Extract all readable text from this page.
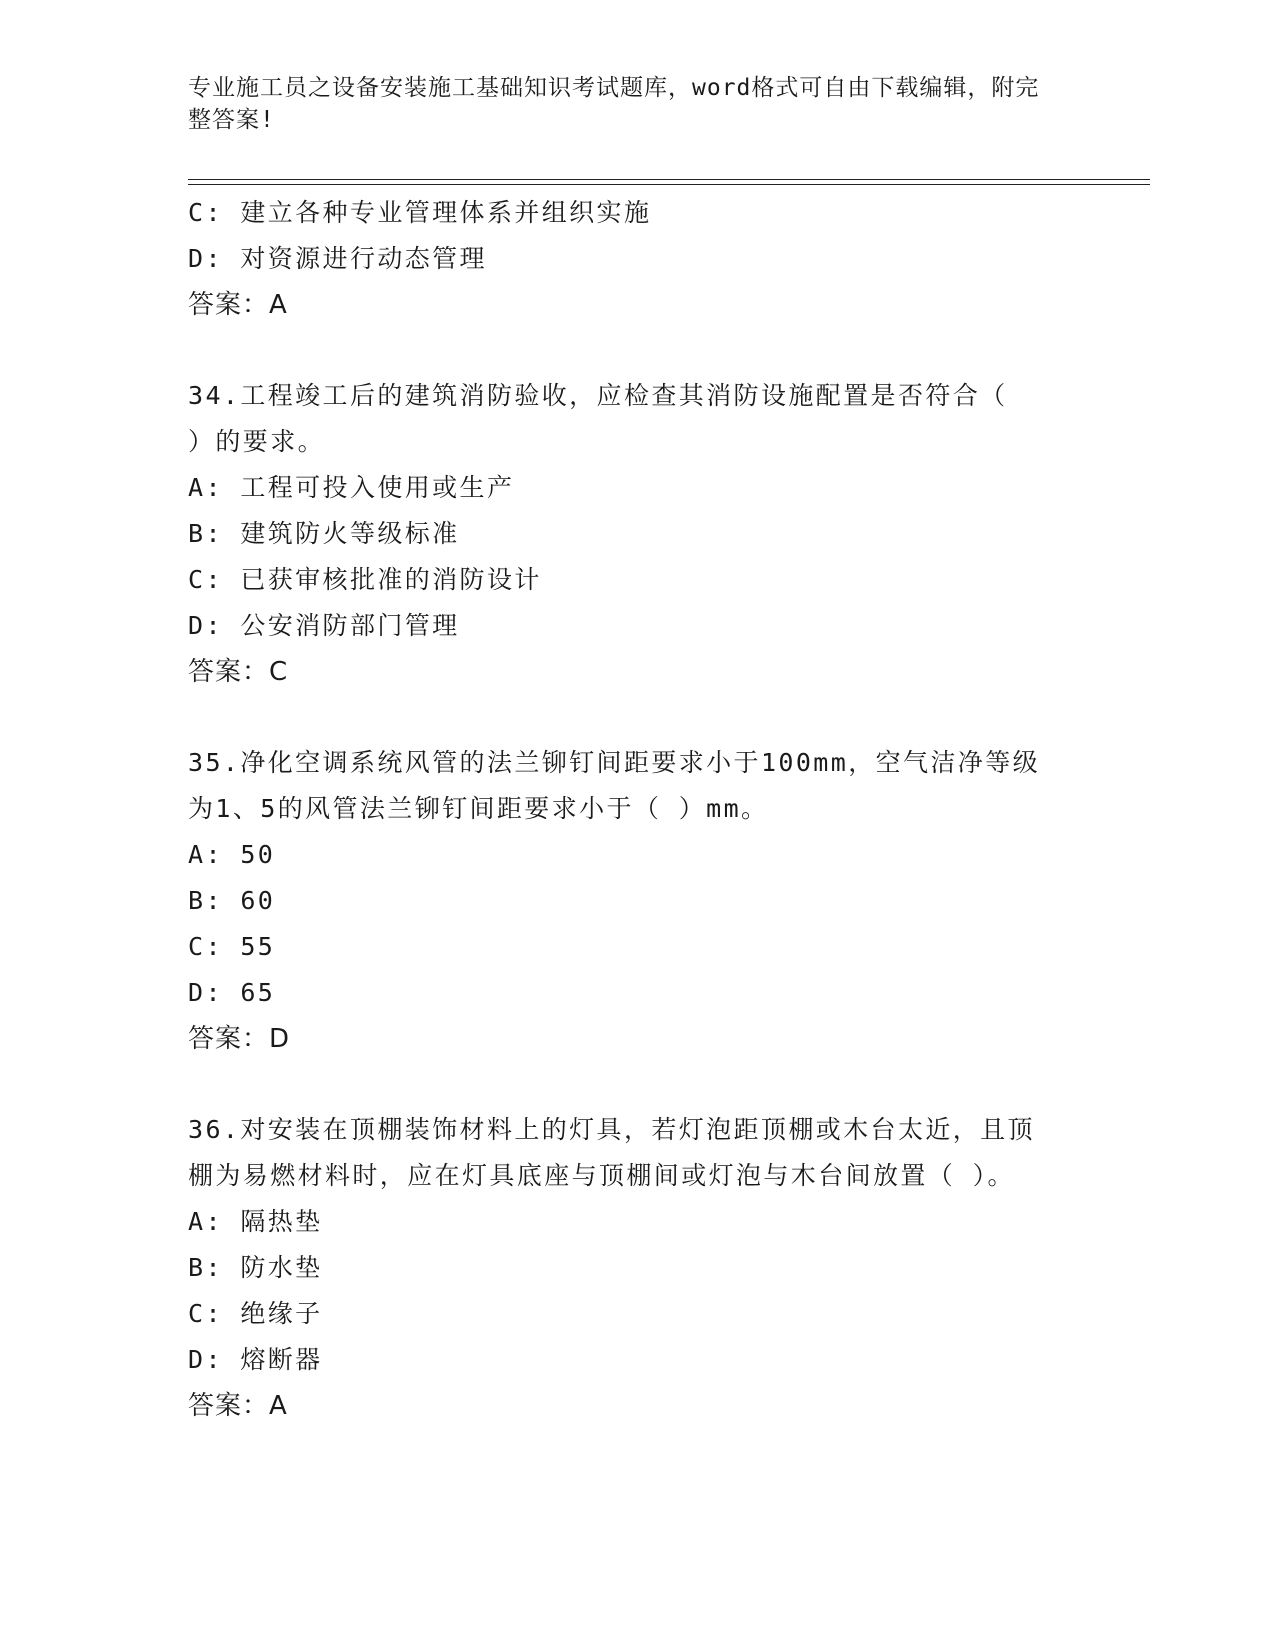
专业施工员之设备安装施工基础知识考试题库，word格式可自由下载编辑，附完
整答案!
C: 建立各种专业管理体系并组织实施
D: 对资源进行动态管理
答案：A
34.工程竣工后的建筑消防验收，应检查其消防设施配置是否符合（
）的要求。
A: 工程可投入使用或生产
B: 建筑防火等级标准
C: 已获审核批准的消防设计
D: 公安消防部门管理
答案：C
35.净化空调系统风管的法兰铆钉间距要求小于100mm，空气洁净等级
为1、5的风管法兰铆钉间距要求小于（ ）mm。
A: 50
B: 60
C: 55
D: 65
答案：D
36.对安装在顶棚装饰材料上的灯具，若灯泡距顶棚或木台太近，且顶
棚为易燃材料时，应在灯具底座与顶棚间或灯泡与木台间放置（ ）。
A: 隔热垫
B: 防水垫
C: 绝缘子
D: 熔断器
答案：A
